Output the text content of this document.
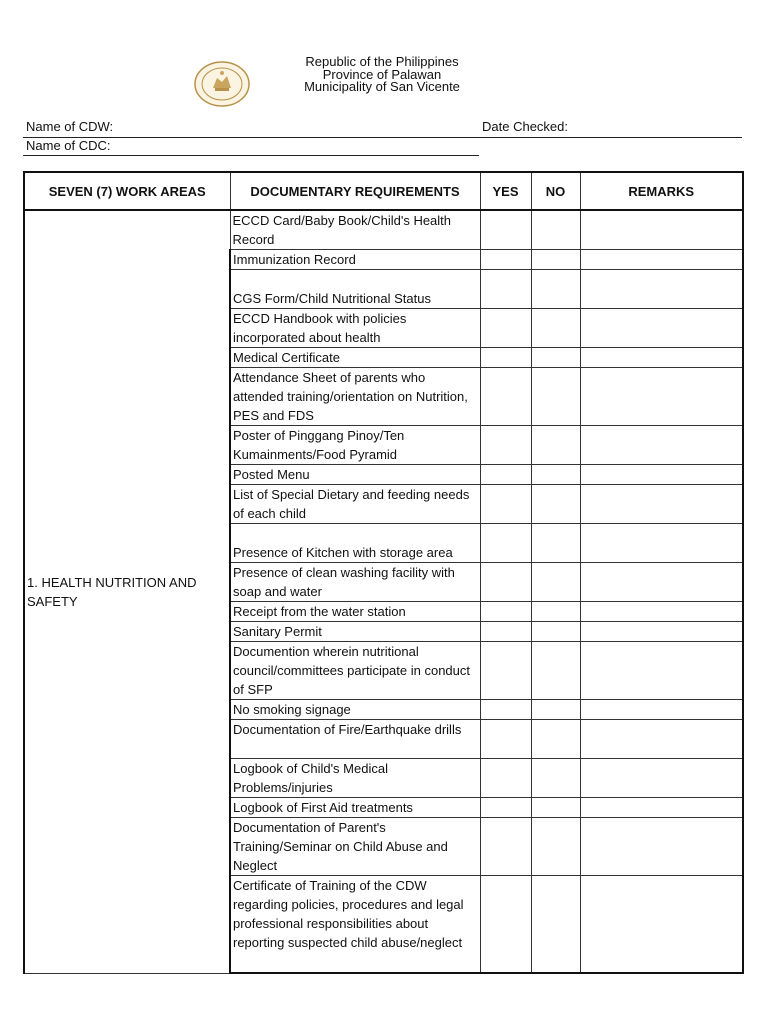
Republic of the Philippines
Province of Palawan
Municipality of San Vicente
Name of CDW:	Date Checked:
Name of CDC:
SEVEN (7) WORK AREAS	DOCUMENTARY REQUIREMENTS	YES	NO	REMARKS
1. HEALTH NUTRITION AND SAFETY	ECCD Card/Baby Book/Child's Health Record			

	Immunization Record			

	CGS Form/Child Nutritional Status			

	ECCD Handbook with policies incorporated about health			

	Medical Certificate			

	Attendance Sheet of parents who attended training/orientation on Nutrition, PES and FDS			

	Poster of Pinggang Pinoy/Ten Kumainments/Food Pyramid			

	Posted Menu			

	List of Special Dietary and feeding needs of each child			

	Presence of Kitchen with storage area			

	Presence of clean washing facility with soap and water			

	Receipt from the water station			

	Sanitary Permit			

	Documention wherein nutritional council/committees participate in conduct of SFP			

	No smoking signage			

	Documentation of Fire/Earthquake drills			

	Logbook of Child's Medical Problems/injuries			

	Logbook of First Aid treatments			

	Documentation of Parent's Training/Seminar on Child Abuse and Neglect			

	Certificate of Training of the CDW regarding policies, procedures and legal professional responsibilities about reporting suspected child abuse/neglect			
